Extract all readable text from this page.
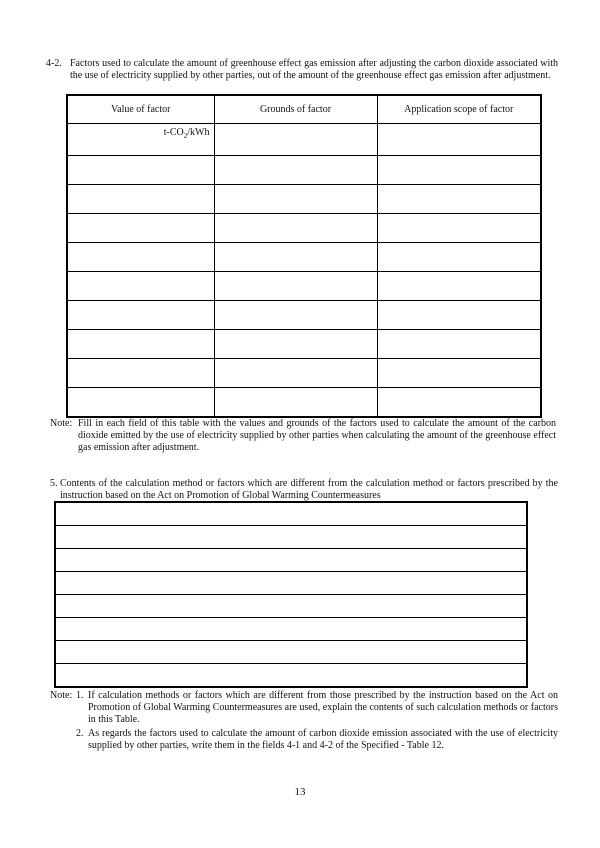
4-2. Factors used to calculate the amount of greenhouse effect gas emission after adjusting the carbon dioxide associated with the use of electricity supplied by other parties, out of the amount of the greenhouse effect gas emission after adjustment.
Value of factor	Grounds of factor	Application scope of factor
$t-CO_2$/kWh		

Note: Fill in each field of this table with the values and grounds of the factors used to calculate the amount of the carbon dioxide emitted by the use of electricity supplied by other parties when calculating the amount of the greenhouse effect gas emission after adjustment.
5. Contents of the calculation method or factors which are different from the calculation method or factors prescribed by the instruction based on the Act on Promotion of Global Warming Countermeasures

Note: 1. If calculation methods or factors which are different from those prescribed by the instruction based on the Act on Promotion of Global Warming Countermeasures are used, explain the contents of such calculation methods or factors in this Table.
2. As regards the factors used to calculate the amount of carbon dioxide emission associated with the use of electricity supplied by other parties, write them in the fields 4-1 and 4-2 of the Specified - Table 12.
13
